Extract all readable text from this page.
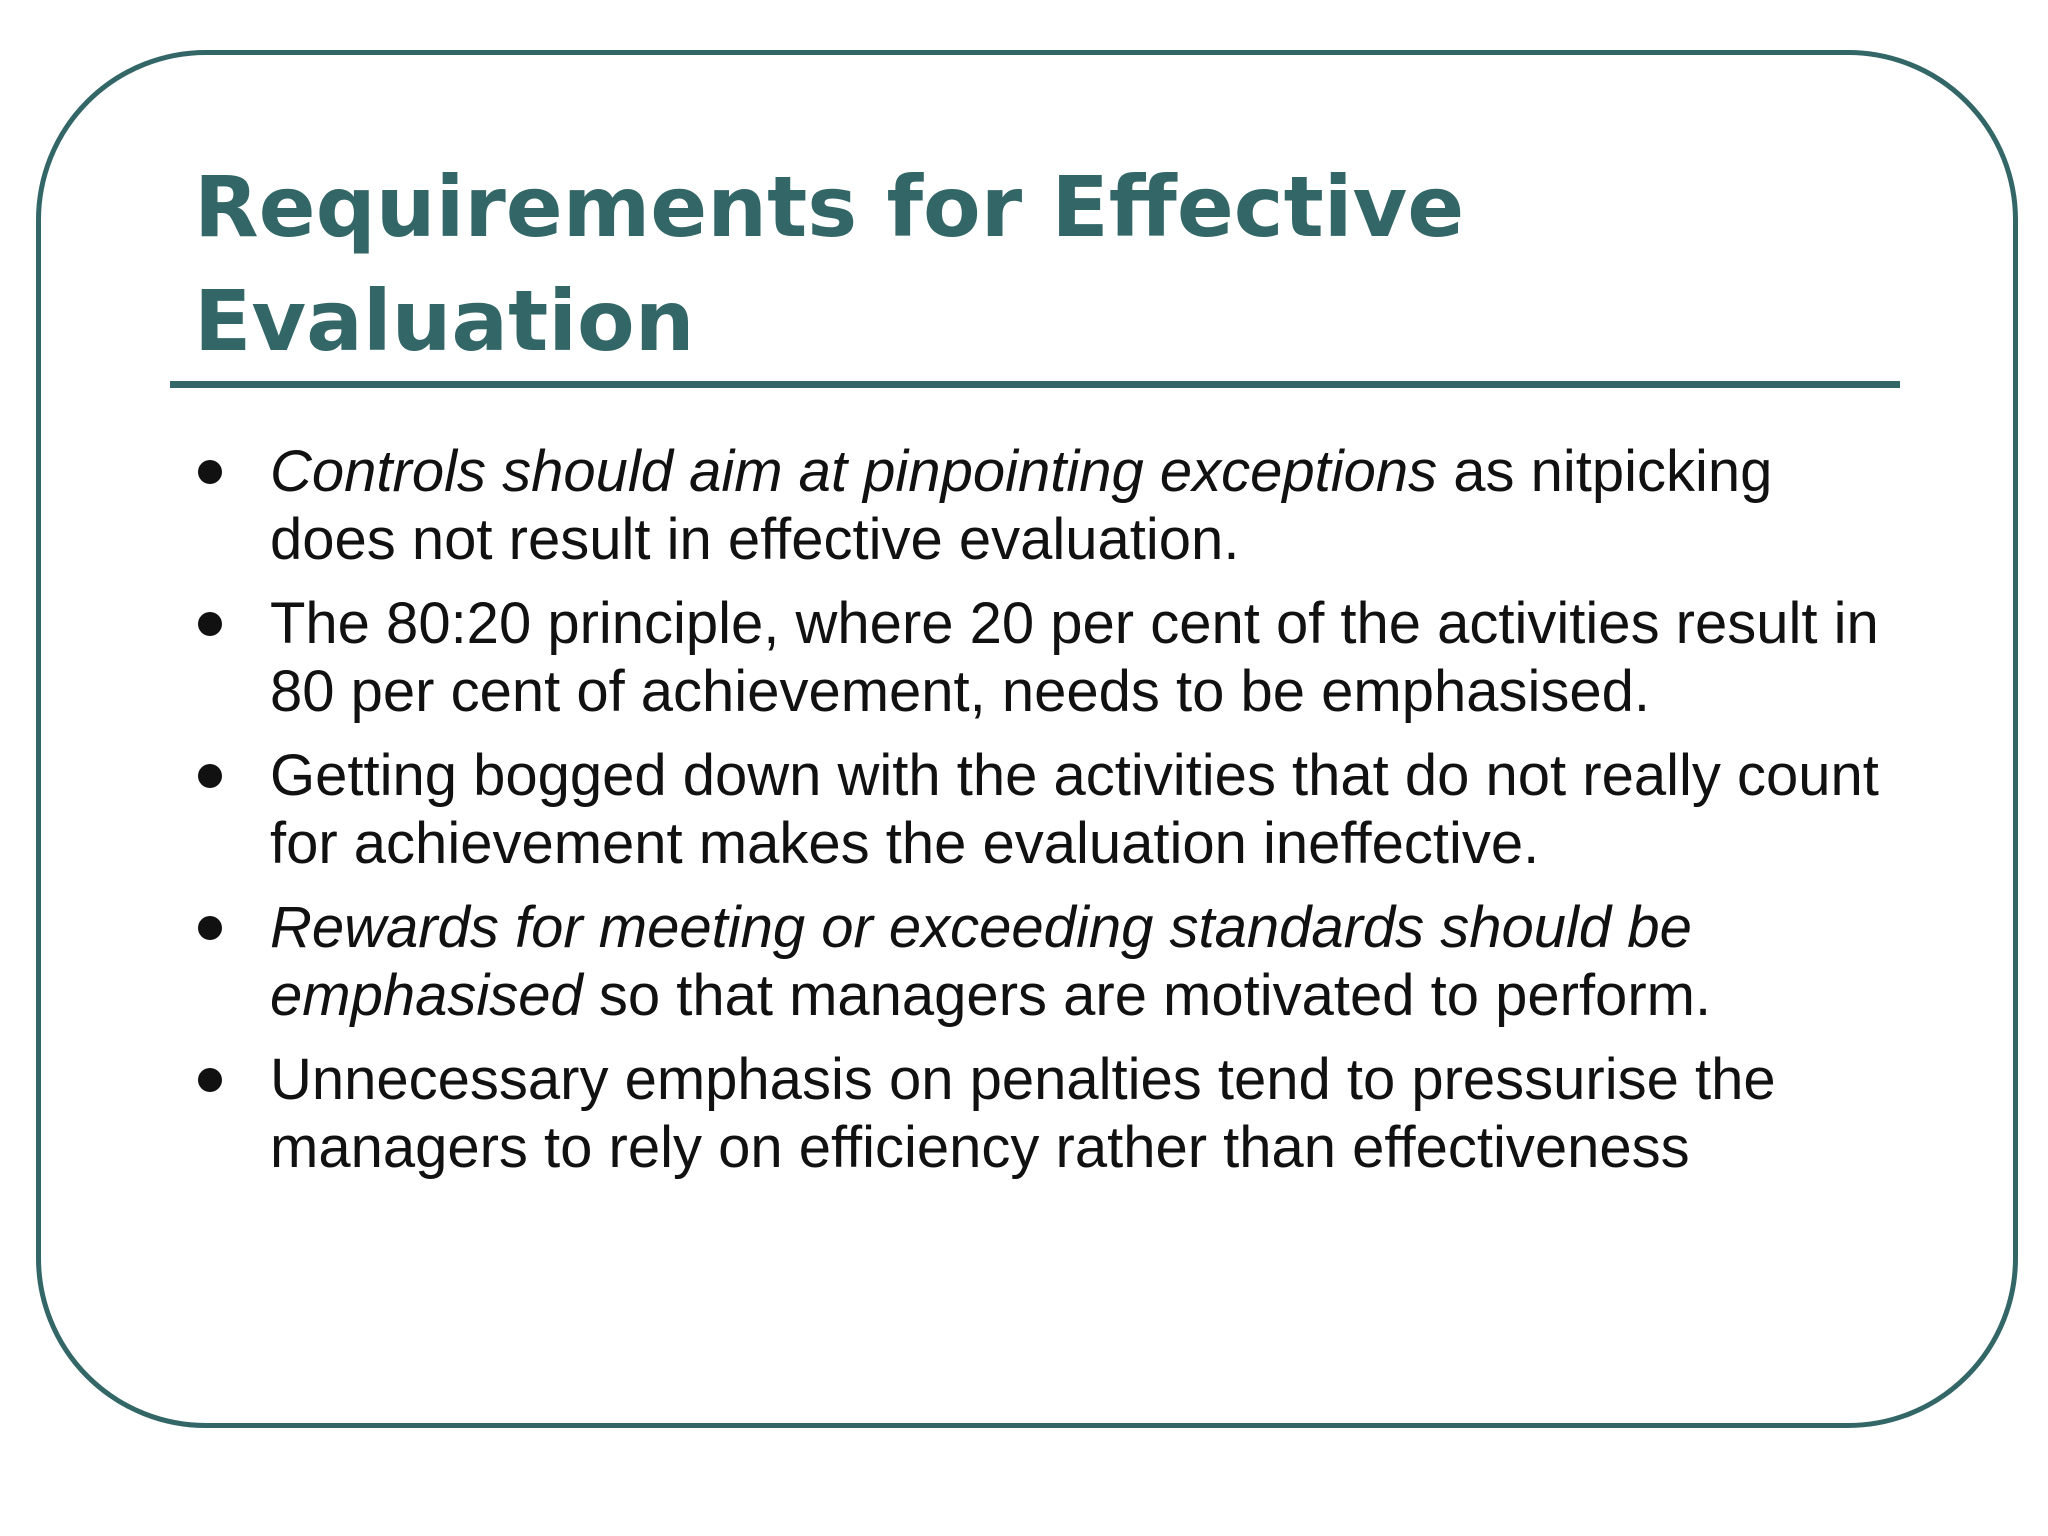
Requirements for Effective Evaluation
Controls should aim at pinpointing exceptions as nitpicking does not result in effective evaluation.
The 80:20 principle, where 20 per cent of the activities result in 80 per cent of achievement, needs to be emphasised.
Getting bogged down with the activities that do not really count for achievement makes the evaluation ineffective.
Rewards for meeting or exceeding standards should be emphasised so that managers are motivated to perform.
Unnecessary emphasis on penalties tend to pressurise the managers to rely on efficiency rather than effectiveness
